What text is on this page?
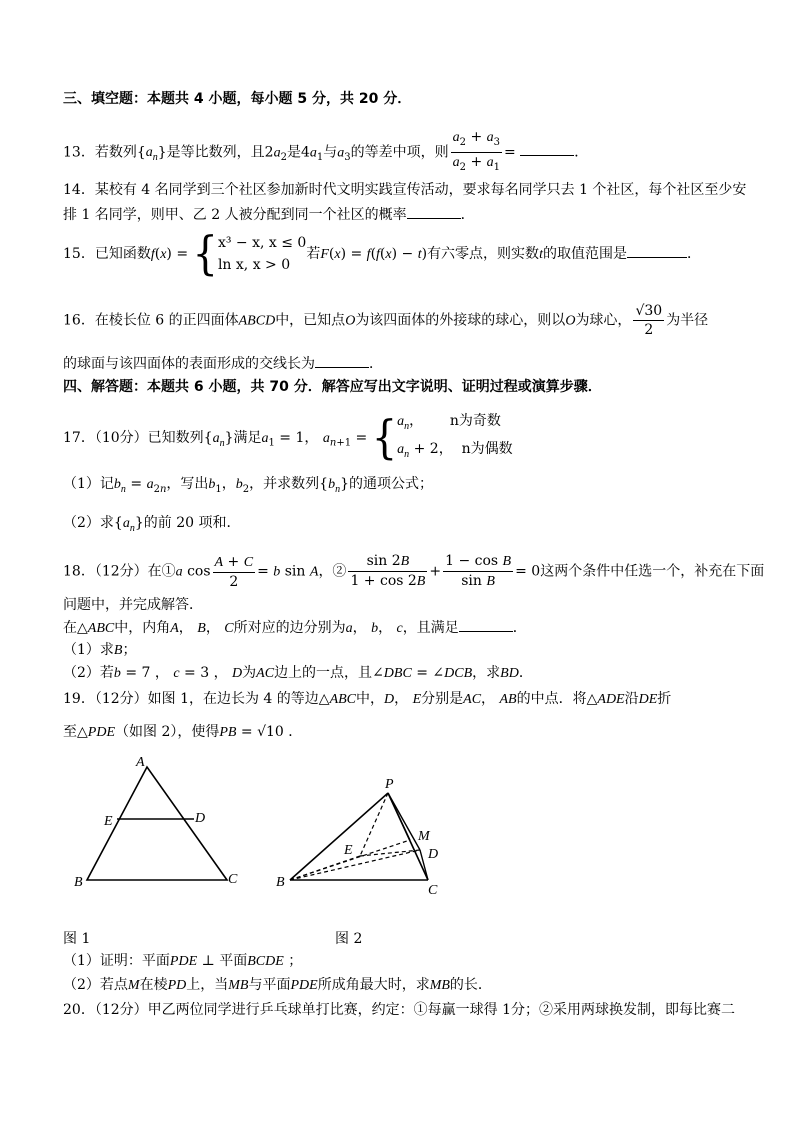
三、填空题：本题共 4 小题，每小题 5 分，共 20 分．
13．若数列$\{a_n\}$是等比数列，且$2a_2$是$4a_1$与$a_3$的等差中项，则 $\frac{a_2 + a_3}{a_2 + a_1}$ =	．
14．某校有 4 名同学到三个社区参加新时代文明实践宣传活动，要求每名同学只去 1 个社区，每个社区至少安
排 1 名同学，则甲、乙 2 人被分配到同一个社区的概率	．
15．已知函数f(x) = { x³ − x, x ≤ 0
ln x, x > 0
若F(x) = f(f(x) − t)有六零点，则实数t的取值范围是	．
16．在棱长位 6 的正四面体ABCD中，已知点O为该四面体的外接球的球心，则以O为球心， $\frac{√30}{2}$ 为半径
的球面与该四面体的表面形成的交线长为	．
四、解答题：本题共 6 小题，共 70 分．解答应写出文字说明、证明过程或演算步骤．
17．（10分）已知数列$\{a_n\}$满足$a_1 = 1$， $a_{n+1}$ = { $a_n$，      n为奇数
$a_n + 2$，  n为偶数
（1）记$b_n = a_{2n}$，写出$b_1$，$b_2$，并求数列$\{b_n\}$的通项公式；
（2）求$\{a_n\}$的前 20 项和．
18．（12分）在①a $\cos \frac{A + C}{2} = b$ sin A，② $\frac{\sin 2B}{1 + \cos 2B} + \frac{\text{1 − cos B}}{\text{sin B}} = 0$这两个条件中任选一个，补充在下面
问题中，并完成解答．
在△ABC中，内角A， B， C所对应的边分别为a， b， c，且满足	．
（1）求B；
（2）若b = 7 ， c = 3 ， D为AC边上的一点，且∠DBC = ∠DCB，求BD．
19．（12分）如图 1，在边长为 4 的等边△ABC中，D， E分别是AC， AB的中点．将△ADE沿DE折
至△PDE（如图 2），使得PB = √10 ．
A
E	D
B	C
P
M
D
E
B
C
图 1	图 2
（1）证明：平面PDE ⊥ 平面BCDE ；
（2）若点M在棱PD上，当MB与平面PDE所成角最大时，求MB的长．
20．（12分）甲乙两位同学进行乒乓球单打比赛，约定：①每赢一球得 1分；②采用两球换发制，即每比赛二
